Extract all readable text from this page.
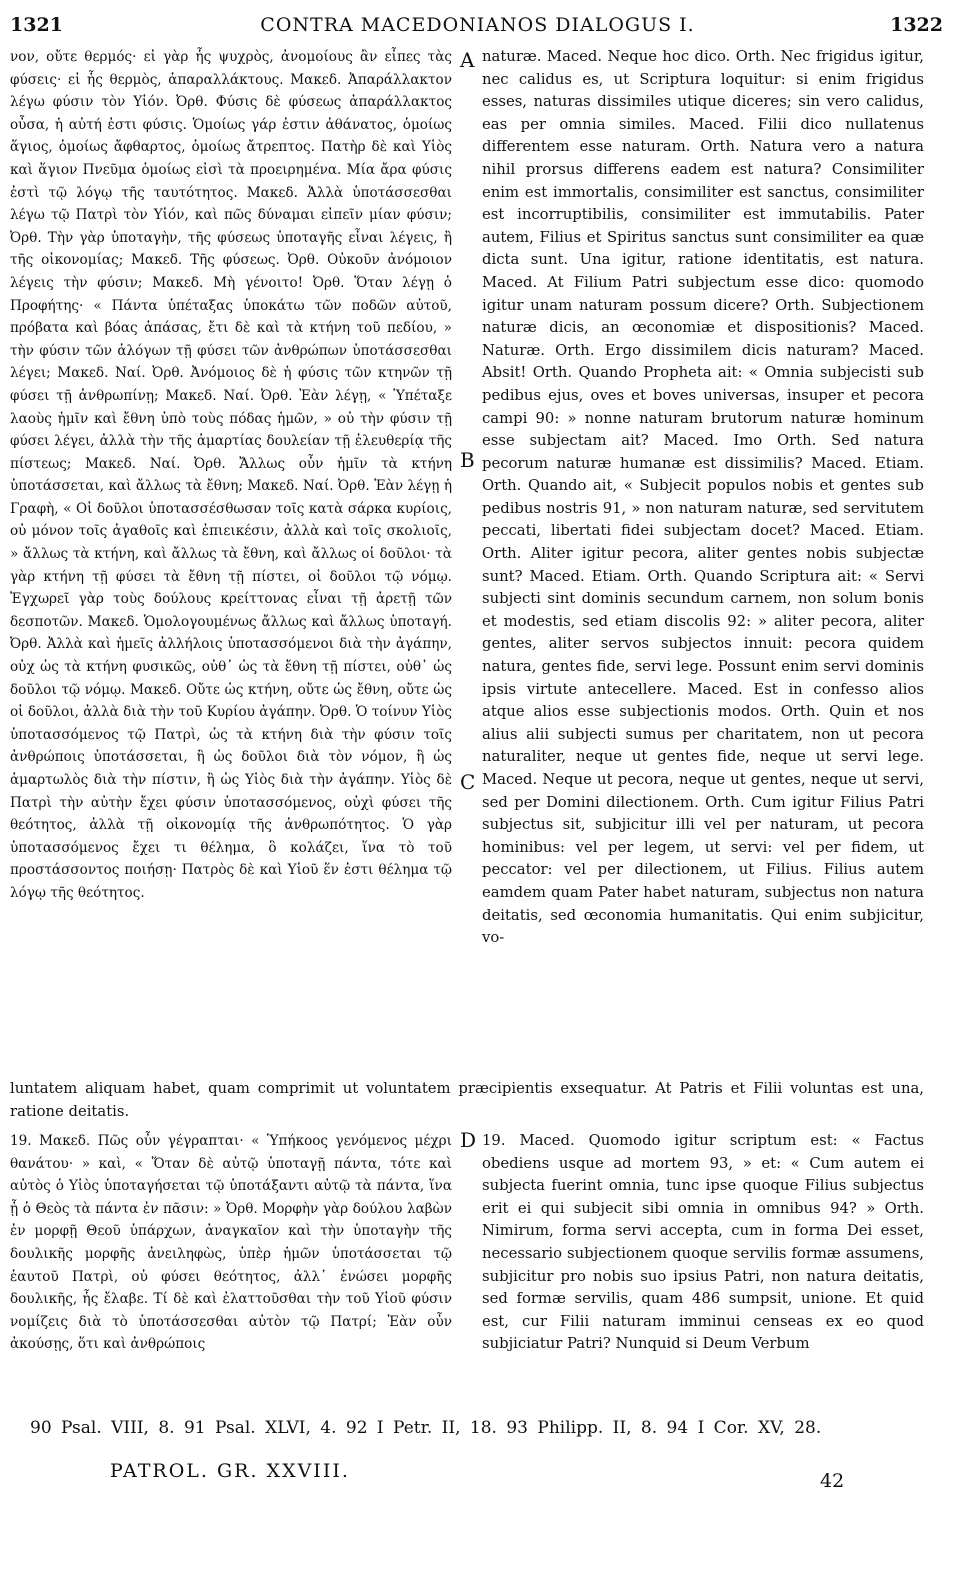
1321	CONTRA MACEDONIANOS DIALOGUS I.	1322
A
B
C
D

νον, οὔτε θερμός· εἰ γὰρ ἧς ψυχρὸς, ἀνομοίους ἂν εἶπες τὰς φύσεις· εἰ ἧς θερμὸς, ἀπαραλλάκτους. Μακεδ. Ἀπαράλλακτον λέγω φύσιν τὸν Υἱόν. Ὀρθ. Φύσις δὲ φύσεως ἀπαράλλακτος οὖσα, ἡ αὐτή ἐστι φύσις. Ὁμοίως γάρ ἐστιν ἀθάνατος, ὁμοίως ἅγιος, ὁμοίως ἄφθαρτος, ὁμοίως ἄτρεπτος. Πατὴρ δὲ καὶ Υἱὸς καὶ ἅγιον Πνεῦμα ὁμοίως εἰσὶ τὰ προειρημένα. Μία ἄρα φύσις ἐστὶ τῷ λόγῳ τῆς ταυτότητος. Μακεδ. Ἀλλὰ ὑποτάσσεσθαι λέγω τῷ Πατρὶ τὸν Υἱόν, καὶ πῶς δύναμαι εἰπεῖν μίαν φύσιν; Ὀρθ. Τὴν γὰρ ὑποταγὴν, τῆς φύσεως ὑποταγῆς εἶναι λέγεις, ἢ τῆς οἰκονομίας; Μακεδ. Τῆς φύσεως. Ὀρθ. Οὐκοῦν ἀνόμοιον λέγεις τὴν φύσιν; Μακεδ. Μὴ γένοιτο! Ὀρθ. Ὅταν λέγῃ ὁ Προφήτης· « Πάντα ὑπέταξας ὑποκάτω τῶν ποδῶν αὐτοῦ, πρόβατα καὶ βόας ἁπάσας, ἔτι δὲ καὶ τὰ κτήνη τοῦ πεδίου, » τὴν φύσιν τῶν ἀλόγων τῇ φύσει τῶν ἀνθρώπων ὑποτάσσεσθαι λέγει; Μακεδ. Ναί. Ὀρθ. Ἀνόμοιος δὲ ἡ φύσις τῶν κτηνῶν τῇ φύσει τῇ ἀνθρωπίνῃ; Μακεδ. Ναί. Ὀρθ. Ἐὰν λέγῃ, « Ὑπέταξε λαοὺς ἡμῖν καὶ ἔθνη ὑπὸ τοὺς πόδας ἡμῶν, » οὐ τὴν φύσιν τῇ φύσει λέγει, ἀλλὰ τὴν τῆς ἁμαρτίας δουλείαν τῇ ἐλευθερίᾳ τῆς πίστεως; Μακεδ. Ναί. Ὀρθ. Ἄλλως οὖν ἡμῖν τὰ κτήνη ὑποτάσσεται, καὶ ἄλλως τὰ ἔθνη; Μακεδ. Ναί. Ὀρθ. Ἐὰν λέγῃ ἡ Γραφὴ, « Οἱ δοῦλοι ὑποτασσέσθωσαν τοῖς κατὰ σάρκα κυρίοις, οὐ μόνον τοῖς ἀγαθοῖς καὶ ἐπιεικέσιν, ἀλλὰ καὶ τοῖς σκολιοῖς, » ἄλλως τὰ κτήνη, καὶ ἄλλως τὰ ἔθνη, καὶ ἄλλως οἱ δοῦλοι· τὰ γὰρ κτήνη τῇ φύσει τὰ ἔθνη τῇ πίστει, οἱ δοῦλοι τῷ νόμῳ. Ἐγχωρεῖ γὰρ τοὺς δούλους κρείττονας εἶναι τῇ ἀρετῇ τῶν δεσποτῶν. Μακεδ. Ὁμολογουμένως ἄλλως καὶ ἄλλως ὑποταγή. Ὀρθ. Ἀλλὰ καὶ ἡμεῖς ἀλλήλοις ὑποτασσόμενοι διὰ τὴν ἀγάπην, οὐχ ὡς τὰ κτήνη φυσικῶς, οὐθ᾽ ὡς τὰ ἔθνη τῇ πίστει, οὐθ᾽ ὡς δοῦλοι τῷ νόμῳ. Μακεδ. Οὔτε ὡς κτήνη, οὔτε ὡς ἔθνη, οὔτε ὡς οἱ δοῦλοι, ἀλλὰ διὰ τὴν τοῦ Κυρίου ἀγάπην. Ὀρθ. Ὁ τοίνυν Υἱὸς ὑποτασσόμενος τῷ Πατρὶ, ὡς τὰ κτήνη διὰ τὴν φύσιν τοῖς ἀνθρώποις ὑποτάσσεται, ἢ ὡς δοῦλοι διὰ τὸν νόμον, ἢ ὡς ἁμαρτωλὸς διὰ τὴν πίστιν, ἢ ὡς Υἱὸς διὰ τὴν ἀγάπην. Υἱὸς δὲ Πατρὶ τὴν αὐτὴν ἔχει φύσιν ὑποτασσόμενος, οὐχὶ φύσει τῆς θεότητος, ἀλλὰ τῇ οἰκονομίᾳ τῆς ἀνθρωπότητος. Ὁ γὰρ ὑποτασσόμενος ἔχει τι θέλημα, ὃ κολάζει, ἵνα τὸ τοῦ προστάσσοντος ποιήσῃ· Πατρὸς δὲ καὶ Υἱοῦ ἕν ἐστι θέλημα τῷ λόγῳ τῆς θεότητος.

naturæ. Maced. Neque hoc dico. Orth. Nec frigidus igitur, nec calidus es, ut Scriptura loquitur: si enim frigidus esses, naturas dissimiles utique diceres; sin vero calidus, eas per omnia similes. Maced. Filii dico nullatenus differentem esse naturam. Orth. Natura vero a natura nihil prorsus differens eadem est natura? Consimiliter enim est immortalis, consimiliter est sanctus, consimiliter est incorruptibilis, consimiliter est immutabilis. Pater autem, Filius et Spiritus sanctus sunt consimiliter ea quæ dicta sunt. Una igitur, ratione identitatis, est natura. Maced. At Filium Patri subjectum esse dico: quomodo igitur unam naturam possum dicere? Orth. Subjectionem naturæ dicis, an œconomiæ et dispositionis? Maced. Naturæ. Orth. Ergo dissimilem dicis naturam? Maced. Absit! Orth. Quando Propheta ait: « Omnia subjecisti sub pedibus ejus, oves et boves universas, insuper et pecora campi 90: » nonne naturam brutorum naturæ hominum esse subjectam ait? Maced. Imo Orth. Sed natura pecorum naturæ humanæ est dissimilis? Maced. Etiam. Orth. Quando ait, « Subjecit populos nobis et gentes sub pedibus nostris 91, » non naturam naturæ, sed servitutem peccati, libertati fidei subjectam docet? Maced. Etiam. Orth. Aliter igitur pecora, aliter gentes nobis subjectæ sunt? Maced. Etiam. Orth. Quando Scriptura ait: « Servi subjecti sint dominis secundum carnem, non solum bonis et modestis, sed etiam discolis 92: » aliter pecora, aliter gentes, aliter servos subjectos innuit: pecora quidem natura, gentes fide, servi lege. Possunt enim servi dominis ipsis virtute antecellere. Maced. Est in confesso alios atque alios esse subjectionis modos. Orth. Quin et nos alius alii subjecti sumus per charitatem, non ut pecora naturaliter, neque ut gentes fide, neque ut servi lege. Maced. Neque ut pecora, neque ut gentes, neque ut servi, sed per Domini dilectionem. Orth. Cum igitur Filius Patri subjectus sit, subjicitur illi vel per naturam, ut pecora hominibus: vel per legem, ut servi: vel per fidem, ut peccator: vel per dilectionem, ut Filius. Filius autem eamdem quam Pater habet naturam, subjectus non natura deitatis, sed œconomia humanitatis. Qui enim subjicitur, vo-

luntatem aliquam habet, quam comprimit ut voluntatem præcipientis exsequatur. At Patris et Filii voluntas est una, ratione deitatis.
19. Μακεδ. Πῶς οὖν γέγραπται· « Ὑπήκοος γενόμενος μέχρι θανάτου· » καὶ, « Ὅταν δὲ αὐτῷ ὑποταγῇ πάντα, τότε καὶ αὐτὸς ὁ Υἱὸς ὑποταγήσεται τῷ ὑποτάξαντι αὐτῷ τὰ πάντα, ἵνα ᾖ ὁ Θεὸς τὰ πάντα ἐν πᾶσιν: » Ὀρθ. Μορφὴν γὰρ δούλου λαβὼν ἐν μορφῇ Θεοῦ ὑπάρχων, ἀναγκαῖον καὶ τὴν ὑποταγὴν τῆς δουλικῆς μορφῆς ἀνειληφὼς, ὑπὲρ ἡμῶν ὑποτάσσεται τῷ ἑαυτοῦ Πατρὶ, οὐ φύσει θεότητος, ἀλλ᾽ ἑνώσει μορφῆς δουλικῆς, ἧς ἔλαβε. Τί δὲ καὶ ἐλαττοῦσθαι τὴν τοῦ Υἱοῦ φύσιν νομίζεις διὰ τὸ ὑποτάσσεσθαι αὐτὸν τῷ Πατρί; Ἐὰν οὖν ἀκούσῃς, ὅτι καὶ ἀνθρώποις
19. Maced. Quomodo igitur scriptum est: « Factus obediens usque ad mortem 93, » et: « Cum autem ei subjecta fuerint omnia, tunc ipse quoque Filius subjectus erit ei qui subjecit sibi omnia in omnibus 94? » Orth. Nimirum, forma servi accepta, cum in forma Dei esset, necessario subjectionem quoque servilis formæ assumens, subjicitur pro nobis suo ipsius Patri, non natura deitatis, sed formæ servilis, quam 486 sumpsit, unione. Et quid est, cur Filii naturam imminui censeas ex eo quod subjiciatur Patri? Nunquid si Deum Verbum
90 Psal. VIII, 8. 91 Psal. XLVI, 4. 92 I Petr. II, 18. 93 Philipp. II, 8. 94 I Cor. XV, 28.
PATROL. GR. XXVIII.	42
